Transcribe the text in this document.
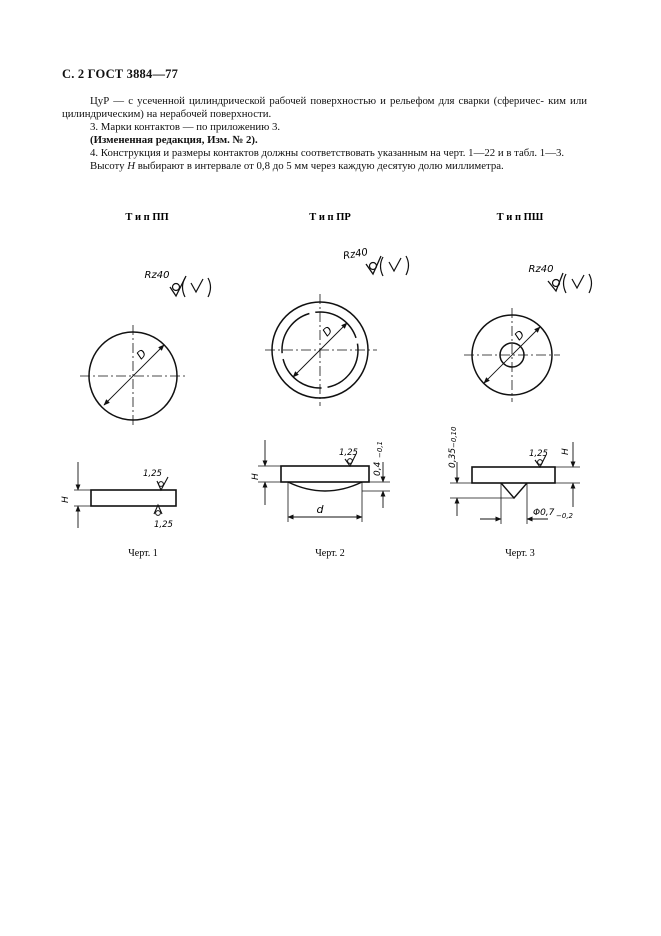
С. 2 ГОСТ 3884—77

ЦуР — с усеченной цилиндрической рабочей поверхностью и рельефом для сварки (сферичес- ким или цилиндрическим) на нерабочей поверхности.

3. Марки контактов — по приложению 3.

(Измененная редакция, Изм. № 2).

4. Конструкция и размеры контактов должны соответствовать указанным на черт. 1—22 и в табл. 1—3.

Высоту H выбирают в интервале от 0,8 до 5 мм через каждую десятую долю миллиметра.

Т и п ПП
Rz40
D
H
1,25
1,25
Черт. 1
Т и п ПР
Rz40
D
H
0,4
−0,1
d
1,25
Черт. 2
Т и п ПШ
Rz40
D
H
0,35
−0,10
Φ0,7 −0,2
1,25
Черт. 3
